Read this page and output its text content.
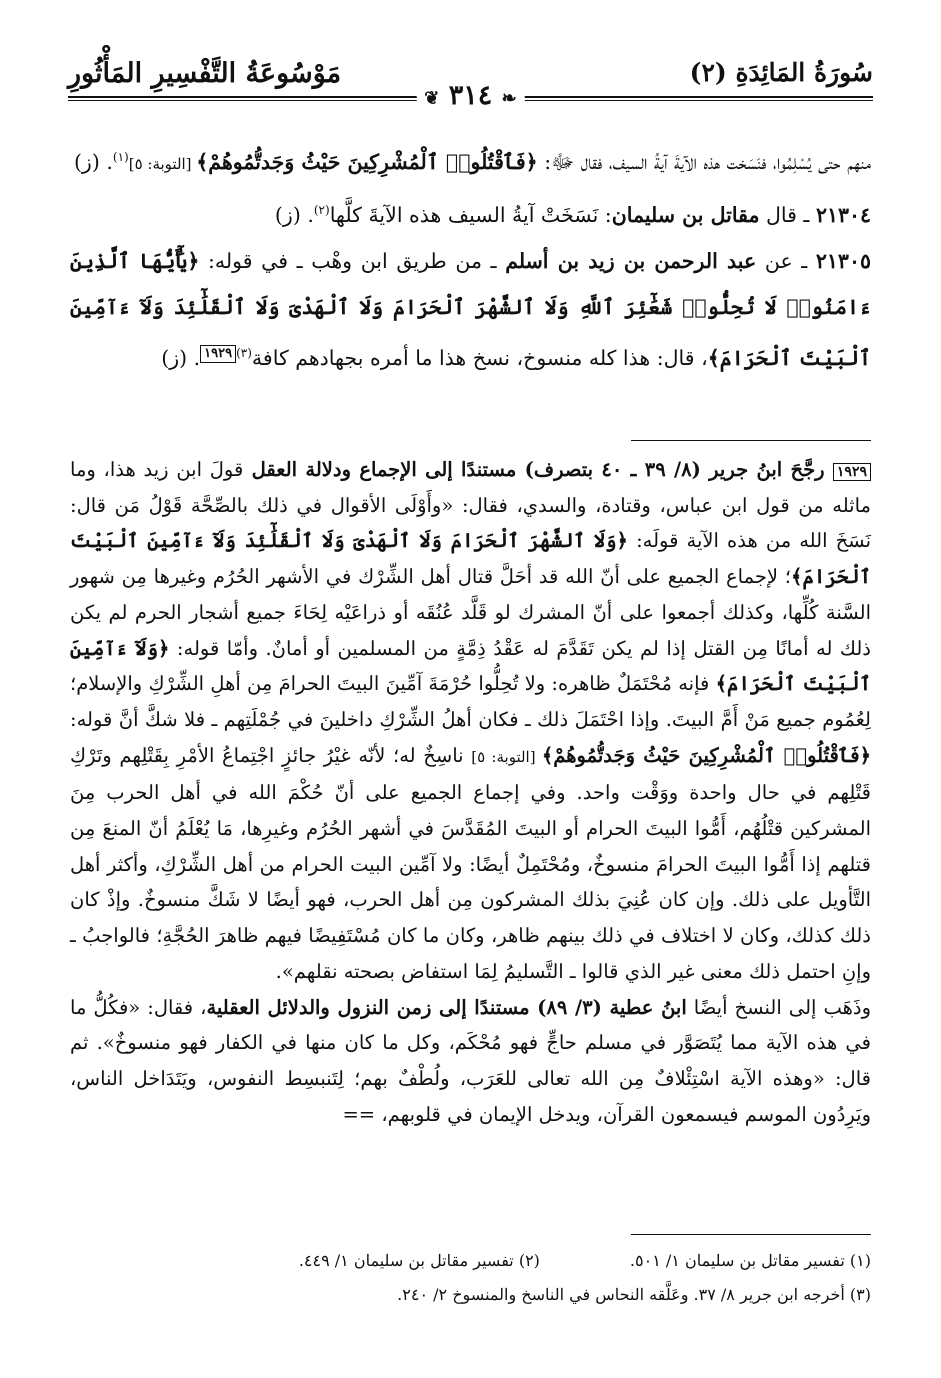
مَوْسُوعَةُ التَّفْسِيرِ المَأْثُورِ	سُورَةُ المَائِدَةِ (٢)
❦ ٣١٤ ❧

منهم حتى يُسْلِمُوا، فنَسَخت هذه الآيةَ آيةُ السيف، فقال ﷻ: ﴿فَٱقْتُلُوا۟ ٱلْمُشْرِكِينَ حَيْثُ وَجَدتُّمُوهُمْ﴾ [التوبة: ٥]$^{(١)}$. (ز)

٢١٣٠٤ ـ قال مقاتل بن سليمان: نَسَخَتْ آيةُ السيف هذه الآيةَ كلَّها$^{(٢)}$. (ز)

٢١٣٠٥ ـ عن عبد الرحمن بن زيد بن أسلم ـ من طريق ابن وهْب ـ في قوله: ﴿يَٰٓأَيُّهَا ٱلَّذِينَ ءَامَنُوا۟ لَا تُحِلُّوا۟ شَعَٰٓئِرَ ٱللَّهِ وَلَا ٱلشَّهْرَ ٱلْحَرَامَ وَلَا ٱلْهَدْىَ وَلَا ٱلْقَلَٰٓئِدَ وَلَآ ءَآمِّينَ ٱلْبَيْتَ ٱلْحَرَامَ﴾، قال: هذا كله منسوخ، نسخ هذا ما أمره بجهادهم كافة$^{(٣)}$١٩٢٩. (ز)

١٩٢٩ رجَّحَ ابنُ جرير (٨/ ٣٩ ـ ٤٠ بتصرف) مستندًا إلى الإجماع ودلالة العقل قولَ ابن زيد هذا، وما ماثله من قول ابن عباس، وقتادة، والسدي، فقال: «وأَوْلَى الأقوال في ذلك بالصِّحَّة قَوْلُ مَن قال: نَسَخَ الله من هذه الآية قولَه: ﴿وَلَا ٱلشَّهْرَ ٱلْحَرَامَ وَلَا ٱلْهَدْىَ وَلَا ٱلْقَلَٰٓئِدَ وَلَآ ءَآمِّينَ ٱلْبَيْتَ ٱلْحَرَامَ﴾؛ لإجماع الجميع على أنّ الله قد أحَلَّ قتال أهل الشِّرْك في الأشهر الحُرُم وغيرها مِن شهور السَّنة كُلِّها، وكذلك أجمعوا على أنّ المشرك لو قَلَّد عُنُقَه أو ذراعَيْه لِحَاءَ جميع أشجار الحرم لم يكن ذلك له أمانًا مِن القتل إذا لم يكن تَقَدَّمَ له عَقْدُ ذِمَّةٍ من المسلمين أو أمانٌ. وأمّا قوله: ﴿وَلَآ ءَآمِّينَ ٱلْبَيْتَ ٱلْحَرَامَ﴾ فإنه مُحْتَمَلٌ ظاهره: ولا تُحِلُّوا حُرْمَةَ آمِّينَ البيتَ الحرامَ مِن أهلِ الشِّرْكِ والإسلام؛ لِعُمُوم جميع مَنْ أَمَّ البيتَ. وإذا احْتَمَلَ ذلك ـ فكان أهلُ الشِّرْكِ داخلينَ في جُمْلَتِهم ـ فلا شكَّ أنَّ قوله: ﴿فَٱقْتُلُوا۟ ٱلْمُشْرِكِينَ حَيْثُ وَجَدتُّمُوهُمْ﴾ [التوبة: ٥] ناسِخٌ له؛ لأنّه غيْرُ جائزٍ اجْتِماعُ الأمْرِ بِقَتْلِهم وتَرْكِ قَتْلِهم في حال واحدة ووَقْت واحد. وفي إجماع الجميع على أنّ حُكْمَ الله في أهل الحرب مِنَ المشركين قتْلُهُم، أَمُّوا البيتَ الحرام أو البيتَ المُقَدَّسَ في أشهر الحُرُم وغيرِها، مَا يُعْلَمُ أنّ المنعَ مِن قتلهم إذا أَمُّوا البيتَ الحرامَ منسوخٌ، ومُحْتَمِلٌ أيضًا: ولا آمِّين البيت الحرام من أهل الشِّرْكِ، وأكثر أهل التَّأويل على ذلك. وإن كان عُنِيَ بذلك المشركون مِن أهل الحرب، فهو أيضًا لا شَكَّ منسوخٌ. وإذْ كان ذلك كذلك، وكان لا اختلاف في ذلك بينهم ظاهر، وكان ما كان مُسْتَفِيضًا فيهم ظاهرَ الحُجَّةِ؛ فالواجبُ ـ وإنِ احتمل ذلك معنى غير الذي قالوا ـ التَّسليمُ لِمَا استفاض بصحته نقلهم».

وذَهَب إلى النسخ أيضًا ابنُ عطية (٣/ ٨٩) مستندًا إلى زمن النزول والدلائل العقلية، فقال: «فكُلُّ ما في هذه الآية مما يُتَصَوَّر في مسلم حاجٍّ فهو مُحْكَم، وكل ما كان منها في الكفار فهو منسوخٌ». ثم قال: «وهذه الآية اسْتِئْلافٌ مِن الله تعالى للعَرَب، ولُطْفٌ بهم؛ لِتَنبسِط النفوس، ويَتَدَاخل الناس، ويَرِدُون الموسم فيسمعون القرآن، ويدخل الإيمان في قلوبهم، ==

(١) تفسير مقاتل بن سليمان ١/ ٥٠١.
(٢) تفسير مقاتل بن سليمان ١/ ٤٤٩.
(٣) أخرجه ابن جرير ٨/ ٣٧. وعَلَّقه النحاس في الناسخ والمنسوخ ٢/ ٢٤٠.
